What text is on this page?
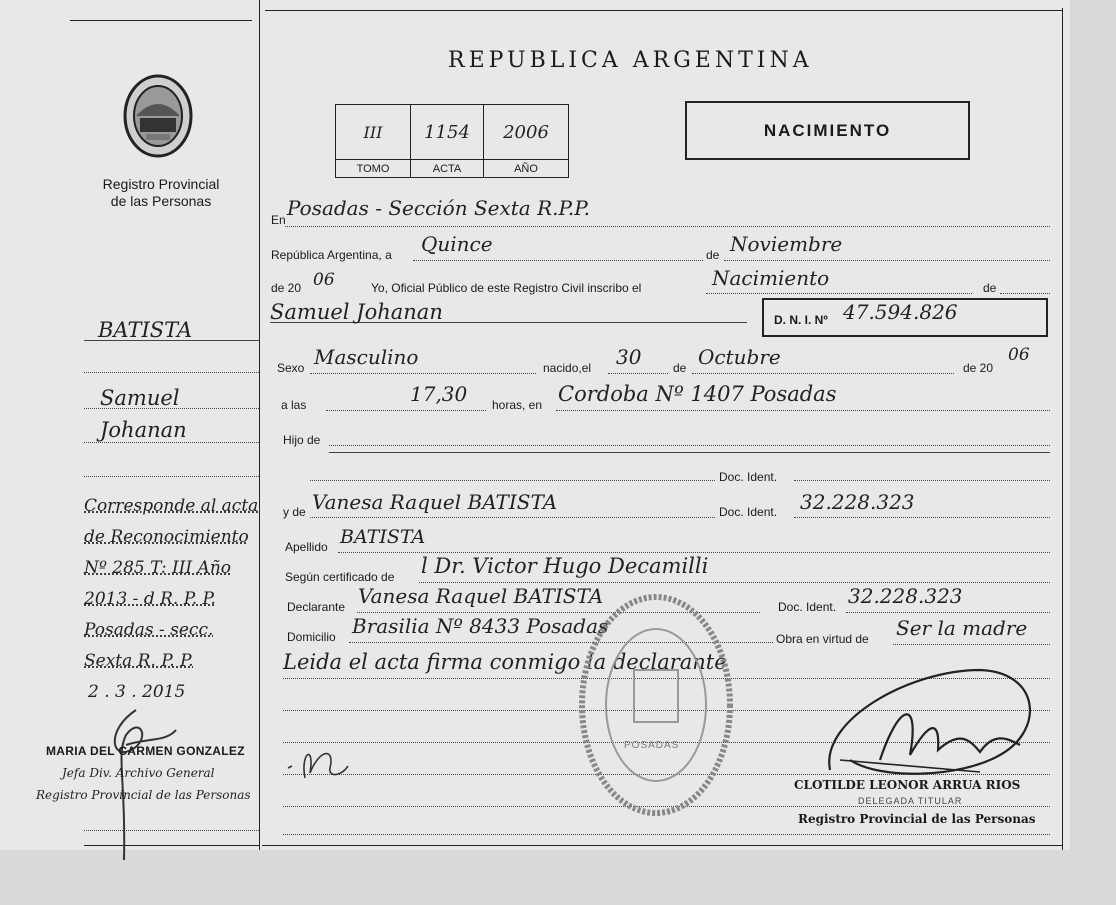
Registro Provincial
de las Personas
BATISTA
Samuel
Johanan
Corresponde al acta
de Reconocimiento
Nº 285 T: III Año
2013 - d R. P. P.
Posadas - secc.
Sexta R. P. P.
2 . 3 . 2015
MARIA DEL CARMEN GONZALEZ
Jefa Div. Archivo General
Registro Provincial de las Personas
REPUBLICA ARGENTINA
III	1154	2006
TOMO	ACTA	AÑO
NACIMIENTO
En Posadas - Sección Sexta R.P.P.
República Argentina, a Quince	de Noviembre
de 20 06	Yo, Oficial Público de este Registro Civil inscribo el	Nacimiento	de
Samuel Johanan	D. N. I. Nº 47.594.826
Sexo Masculino	nacido,el 30	de Octubre	de 20
06
a las	17,30 horas, en Cordoba Nº 1407 Posadas
Hijo de
Doc. Ident.
y de Vanesa Raquel BATISTA	Doc. Ident. 32.228.323
Apellido BATISTA
Según certificado de l Dr. Victor Hugo Decamilli
Declarante Vanesa Raquel BATISTA	Doc. Ident. 32.228.323
Domicilio Brasilia Nº 8433 Posadas
Obra en virtud de Ser la madre
Leida el acta firma conmigo la declarante
POSADAS
CLOTILDE LEONOR ARRUA RIOS
DELEGADA TITULAR
Registro Provincial de las Personas
